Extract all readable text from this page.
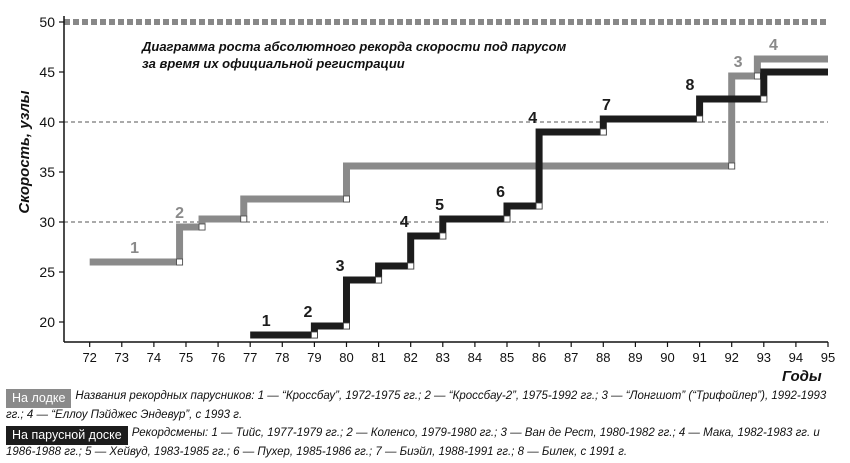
20
25
30
35
40
45
50
72 73 74 75 76 77 78 79 80 81 82 83 84 85 86 87 88 89 90 91 92 93 94 95
1
2
3
4
1
2
3
4
5
6
4
7
8
Диаграмма роста абсолютного рекорда скорости под парусом
за время их официальной регистрации
Скорость, узлы
Годы
На лодке Названия рекордных парусников: 1 — “Кроссбау”, 1972-1975 гг.; 2 — “Кроссбау-2”, 1975-1992 гг.; 3 — “Лонгшот” (“Трифойлер”), 1992-1993 гг.; 4 — “Еллоу Пэйджес Эндевур”, с 1993 г.
На парусной доске Рекордсмены: 1 — Тийс, 1977-1979 гг.; 2 — Коленсо, 1979-1980 гг.; 3 — Ван де Рест, 1980-1982 гг.; 4 — Мака, 1982-1983 гг. и 1986-1988 гг.; 5 — Хейвуд, 1983-1985 гг.; 6 — Пухер, 1985-1986 гг.; 7 — Биэйл, 1988-1991 гг.; 8 — Билек, с 1991 г.
